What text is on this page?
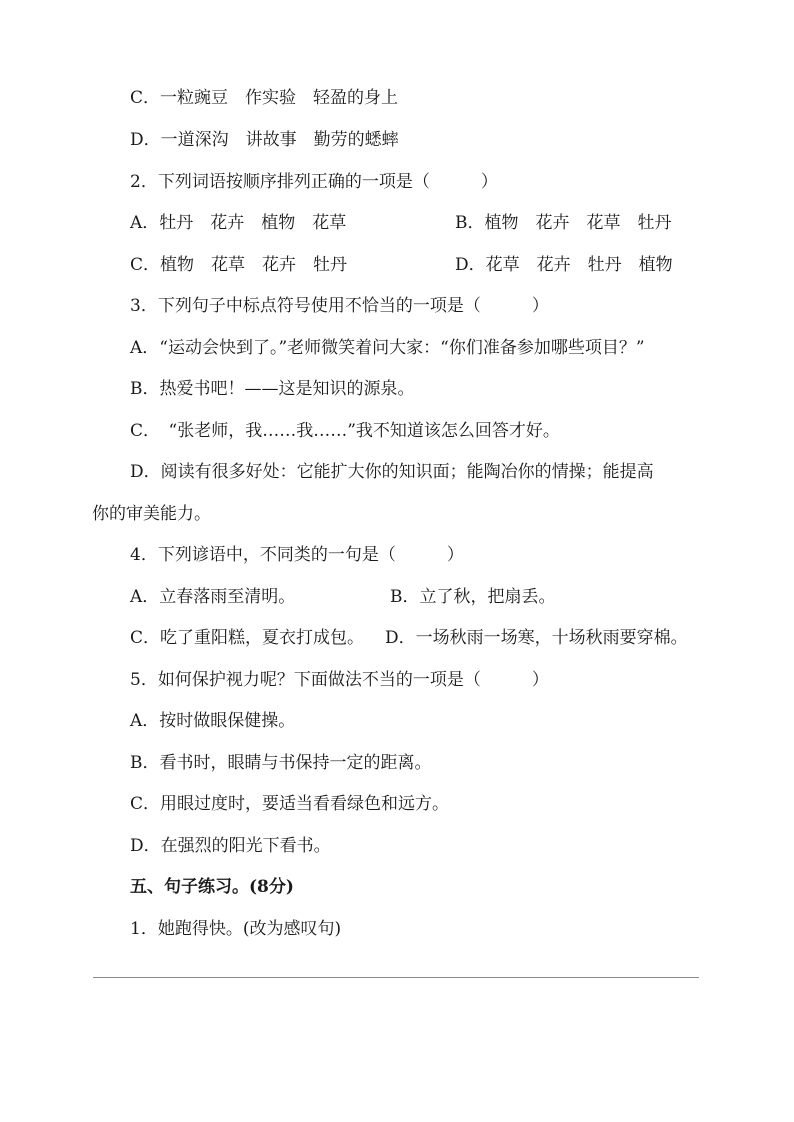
C．一粒豌豆　作实验　轻盈的身上
D．一道深沟　讲故事　勤劳的蟋蟀
2．下列词语按顺序排列正确的一项是（　　　）
A．牡丹　花卉　植物　花草	B．植物　花卉　花草　牡丹
C．植物　花草　花卉　牡丹	D．花草　花卉　牡丹　植物
3．下列句子中标点符号使用不恰当的一项是（　　　）
A．“运动会快到了。”老师微笑着问大家：“你们准备参加哪些项目？”
B．热爱书吧！——这是知识的源泉。
C．　“张老师，我……我……”我不知道该怎么回答才好。
D．阅读有很多好处：它能扩大你的知识面；能陶冶你的情操；能提高
你的审美能力。
4．下列谚语中，不同类的一句是（　　　）
A．立春落雨至清明。	B．立了秋，把扇丢。
C．吃了重阳糕，夏衣打成包。 D．一场秋雨一场寒，十场秋雨要穿棉。
5．如何保护视力呢？下面做法不当的一项是（　　　）
A．按时做眼保健操。
B．看书时，眼睛与书保持一定的距离。
C．用眼过度时，要适当看看绿色和远方。
D．在强烈的阳光下看书。
五、句子练习。(8分)
1．她跑得快。(改为感叹句)
